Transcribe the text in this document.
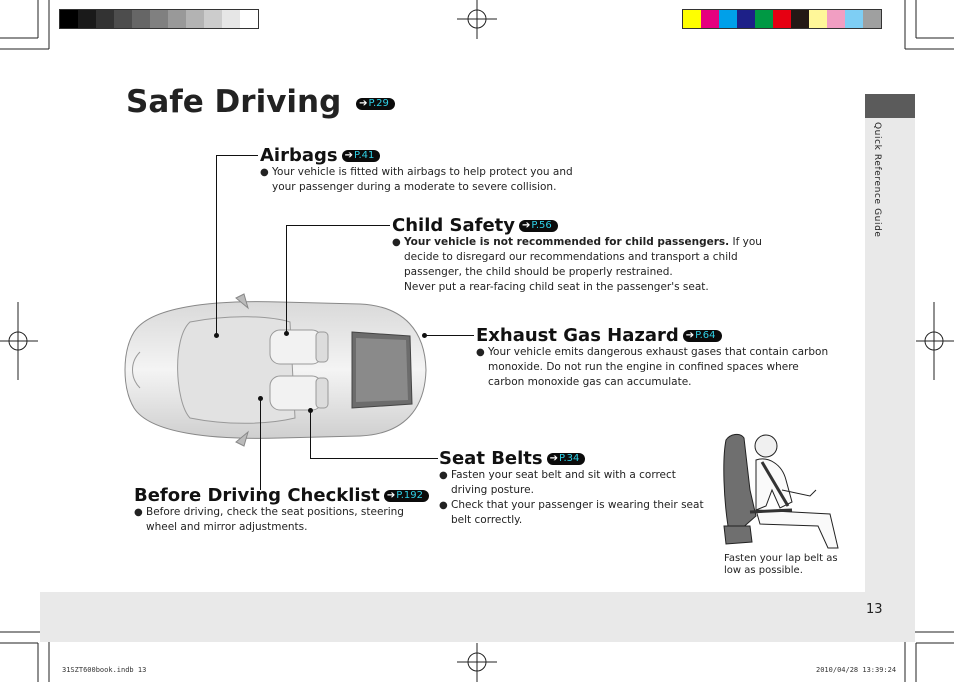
Quick Reference Guide
13
Safe Driving ➔P.29
Airbags ➔P.41
● Your vehicle is fitted with airbags to help protect you and your passenger during a moderate to severe collision.
Child Safety ➔P.56
● Your vehicle is not recommended for child passengers. If you decide to disregard our recommendations and transport a child passenger, the child should be properly restrained.
Never put a rear-facing child seat in the passenger's seat.
Exhaust Gas Hazard ➔P.64
● Your vehicle emits dangerous exhaust gases that contain carbon monoxide. Do not run the engine in confined spaces where carbon monoxide gas can accumulate.
Seat Belts ➔P.34
● Fasten your seat belt and sit with a correct driving posture.
● Check that your passenger is wearing their seat belt correctly.
Before Driving Checklist ➔P.192
● Before driving, check the seat positions, steering wheel and mirror adjustments.
Fasten your lap belt as low as possible.
31SZT600book.indb 13	2010/04/28 13:39:24
